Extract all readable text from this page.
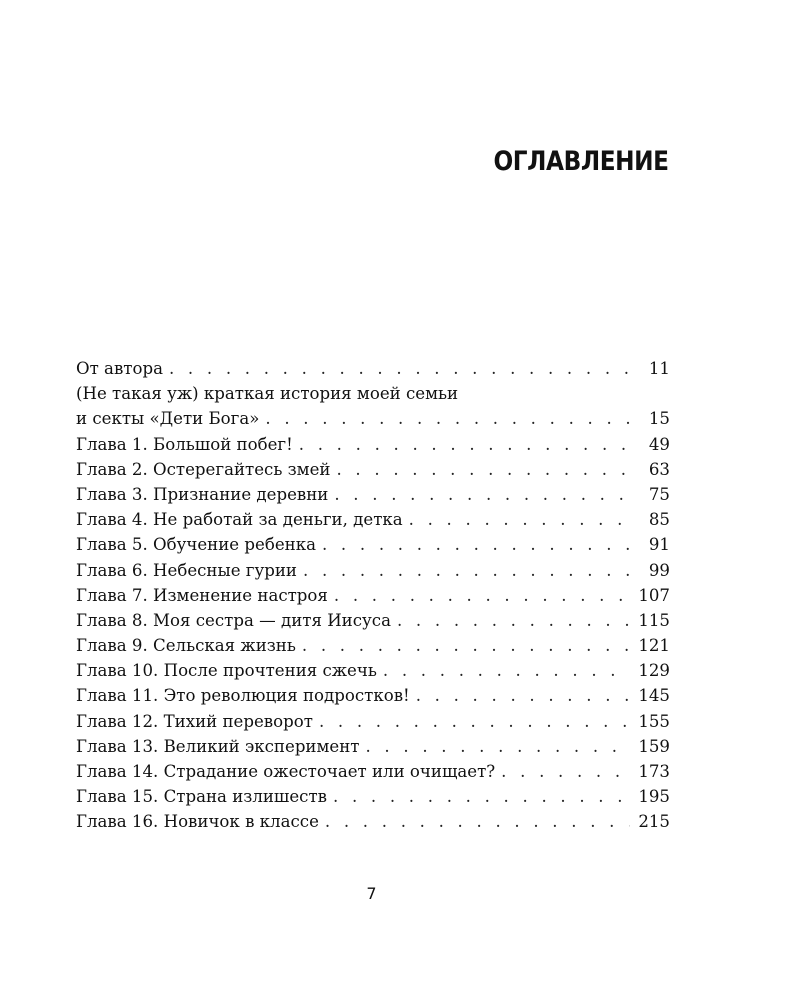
ОГЛАВЛЕНИЕ
От автора . . .	11
(Не такая уж) краткая история моей семьи
и секты «Дети Бога» . . .	15
Глава 1. Большой побег! . . .	49
Глава 2. Остерегайтесь змей . . .	63
Глава 3. Признание деревни . . .	75
Глава 4. Не работай за деньги, детка . . .	85
Глава 5. Обучение ребенка . . .	91
Глава 6. Небесные гурии . . .	99
Глава 7. Изменение настроя . . .	107
Глава 8. Моя сестра — дитя Иисуса . . .	115
Глава 9. Сельская жизнь . . .	121
Глава 10. После прочтения сжечь . . .	129
Глава 11. Это революция подростков! . . .	145
Глава 12. Тихий переворот . . .	155
Глава 13. Великий эксперимент . . .	159
Глава 14. Страдание ожесточает или очищает? . . .	173
Глава 15. Страна излишеств . . .	195
Глава 16. Новичок в классе . . .	215
7
